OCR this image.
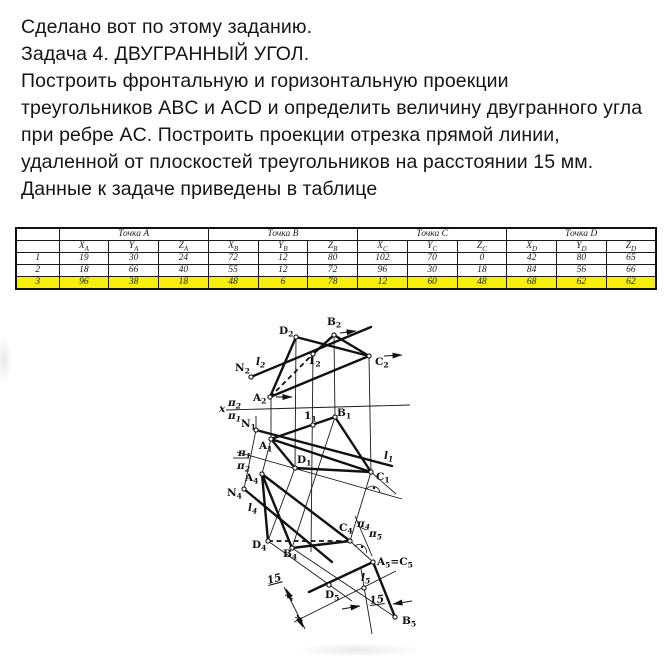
Сделано вот по этому заданию.
Задача 4. ДВУГРАННЫЙ УГОЛ.
Построить фронтальную и горизонтальную проекции
треугольников ABC и ACD и определить величину двугранного угла
при ребре AC. Построить проекции отрезка прямой линии,
удаленной от плоскостей треугольников на расстоянии 15 мм.
Данные к задаче приведены в таблице
	Точка A			Точка B			Точка C			Точка D		
	$X_A$	$Y_A$	$Z_A$	$X_B$	$Y_B$	$Z_B$	$X_C$	$Y_C$	$Z_C$	$X_D$	$Y_D$	$Z_D$
1	19	30	24	72	12	80	102	70	0	42	80	65
2	18	66	40	55	12	72	96	30	18	84	56	66
3	96	38	18	48	6	78	12	60	48	68	62	62
x $\pi_2$
$\pi_1$
$N_2$
$l_2$
$D_2$
$B_2$
$1_2$	$C_2$
$A_2$
$N_1$
$1_1$ $B_1$
$A_1$
$D_1$
$l_1$
$C_1$
$\pi_1$
$\pi_2$
$A_4$
$N_4$
$l_4$
$C_4$
$\pi_4$
$\pi_5$
$D_4$ $B_4$	$A_5=C_5$
$l_5$
$D_5$
$B_5$
15
15
